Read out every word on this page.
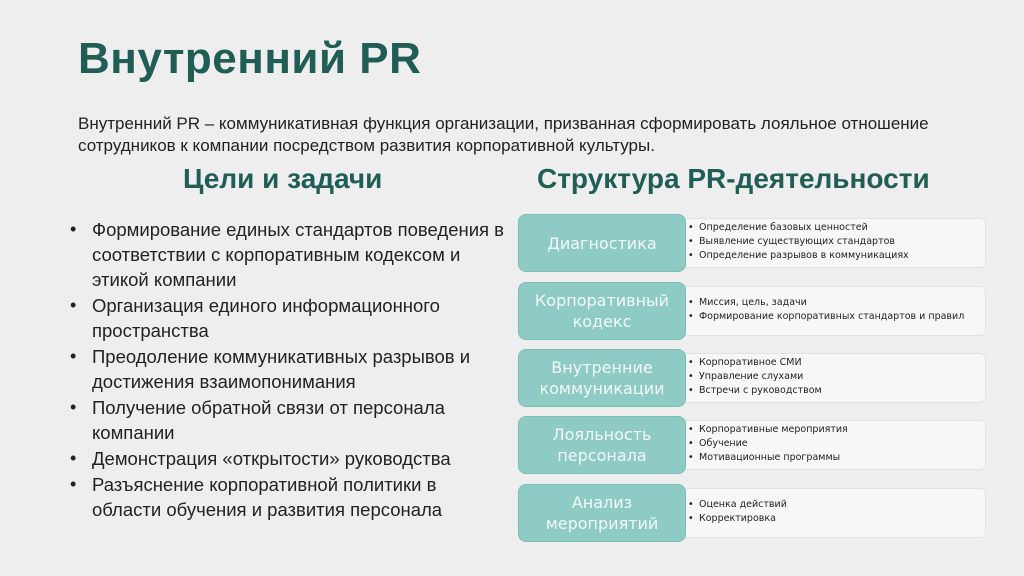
Внутренний PR
Внутренний PR – коммуникативная функция организации, призванная сформировать лояльное отношение сотрудников к компании посредством развития корпоративной культуры.
Цели и задачи	Структура PR-деятельности
• Формирование единых стандартов поведения в соответствии с корпоративным кодексом и этикой компании
• Организация единого информационного пространства
• Преодоление коммуникативных разрывов и достижения взаимопонимания
• Получение обратной связи от персонала компании
• Демонстрация «открытости» руководства
• Разъяснение корпоративной политики в области обучения и развития персонала
Диагностика
• Определение базовых ценностей
• Выявление существующих стандартов
• Определение разрывов в коммуникациях
Корпоративный кодекс
• Миссия, цель, задачи
• Формирование корпоративных стандартов и правил
Внутренние коммуникации
• Корпоративное СМИ
• Управление слухами
• Встречи с руководством
Лояльность персонала
• Корпоративные мероприятия
• Обучение
• Мотивационные программы
Анализ мероприятий
• Оценка действий
• Корректировка
